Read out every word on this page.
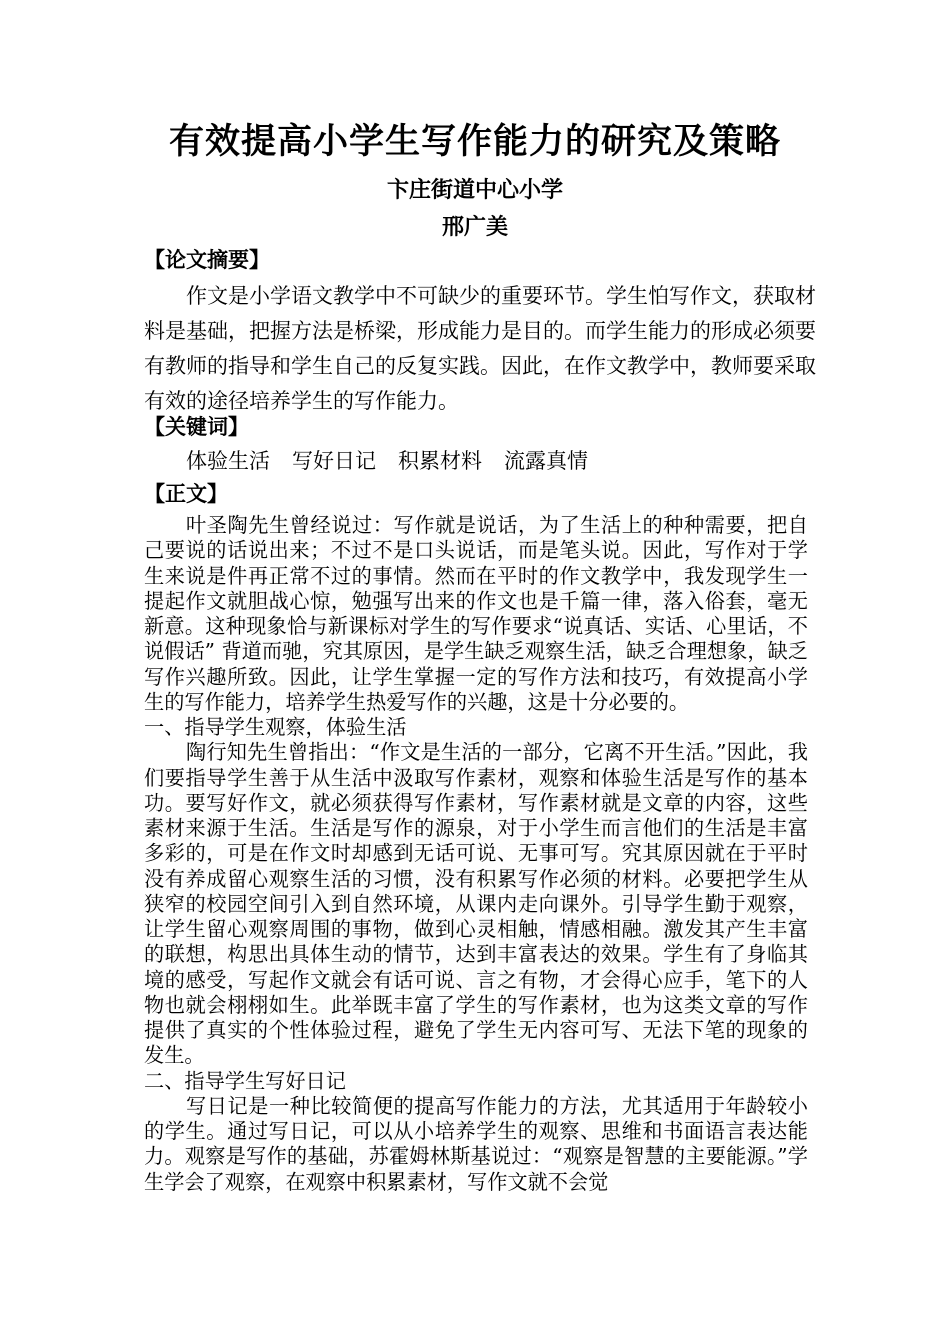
有效提高小学生写作能力的研究及策略
卞庄街道中心小学
邢广美
【论文摘要】
作文是小学语文教学中不可缺少的重要环节。学生怕写作文，获取材料是基础，把握方法是桥梁，形成能力是目的。而学生能力的形成必须要有教师的指导和学生自己的反复实践。因此，在作文教学中，教师要采取有效的途径培养学生的写作能力。
【关键词】
体验生活 写好日记 积累材料 流露真情
【正文】

叶圣陶先生曾经说过：写作就是说话，为了生活上的种种需要，把自己要说的话说出来；不过不是口头说话，而是笔头说。因此，写作对于学生来说是件再正常不过的事情。然而在平时的作文教学中，我发现学生一提起作文就胆战心惊，勉强写出来的作文也是千篇一律，落入俗套，毫无新意。这种现象恰与新课标对学生的写作要求“说真话、实话、心里话，不说假话” 背道而驰，究其原因，是学生缺乏观察生活，缺乏合理想象，缺乏写作兴趣所致。因此，让学生掌握一定的写作方法和技巧，有效提高小学生的写作能力，培养学生热爱写作的兴趣，这是十分必要的。

一、指导学生观察，体验生活

陶行知先生曾指出：“作文是生活的一部分，它离不开生活。”因此，我们要指导学生善于从生活中汲取写作素材，观察和体验生活是写作的基本功。要写好作文，就必须获得写作素材，写作素材就是文章的内容，这些素材来源于生活。生活是写作的源泉，对于小学生而言他们的生活是丰富多彩的，可是在作文时却感到无话可说、无事可写。究其原因就在于平时没有养成留心观察生活的习惯，没有积累写作必须的材料。必要把学生从狭窄的校园空间引入到自然环境，从课内走向课外。引导学生勤于观察，让学生留心观察周围的事物，做到心灵相触，情感相融。激发其产生丰富的联想，构思出具体生动的情节，达到丰富表达的效果。学生有了身临其境的感受，写起作文就会有话可说、言之有物，才会得心应手，笔下的人物也就会栩栩如生。此举既丰富了学生的写作素材，也为这类文章的写作提供了真实的个性体验过程，避免了学生无内容可写、无法下笔的现象的发生。

二、指导学生写好日记

写日记是一种比较简便的提高写作能力的方法，尤其适用于年龄较小的学生。通过写日记，可以从小培养学生的观察、思维和书面语言表达能力。观察是写作的基础，苏霍姆林斯基说过：“观察是智慧的主要能源。”学生学会了观察，在观察中积累素材，写作文就不会觉
